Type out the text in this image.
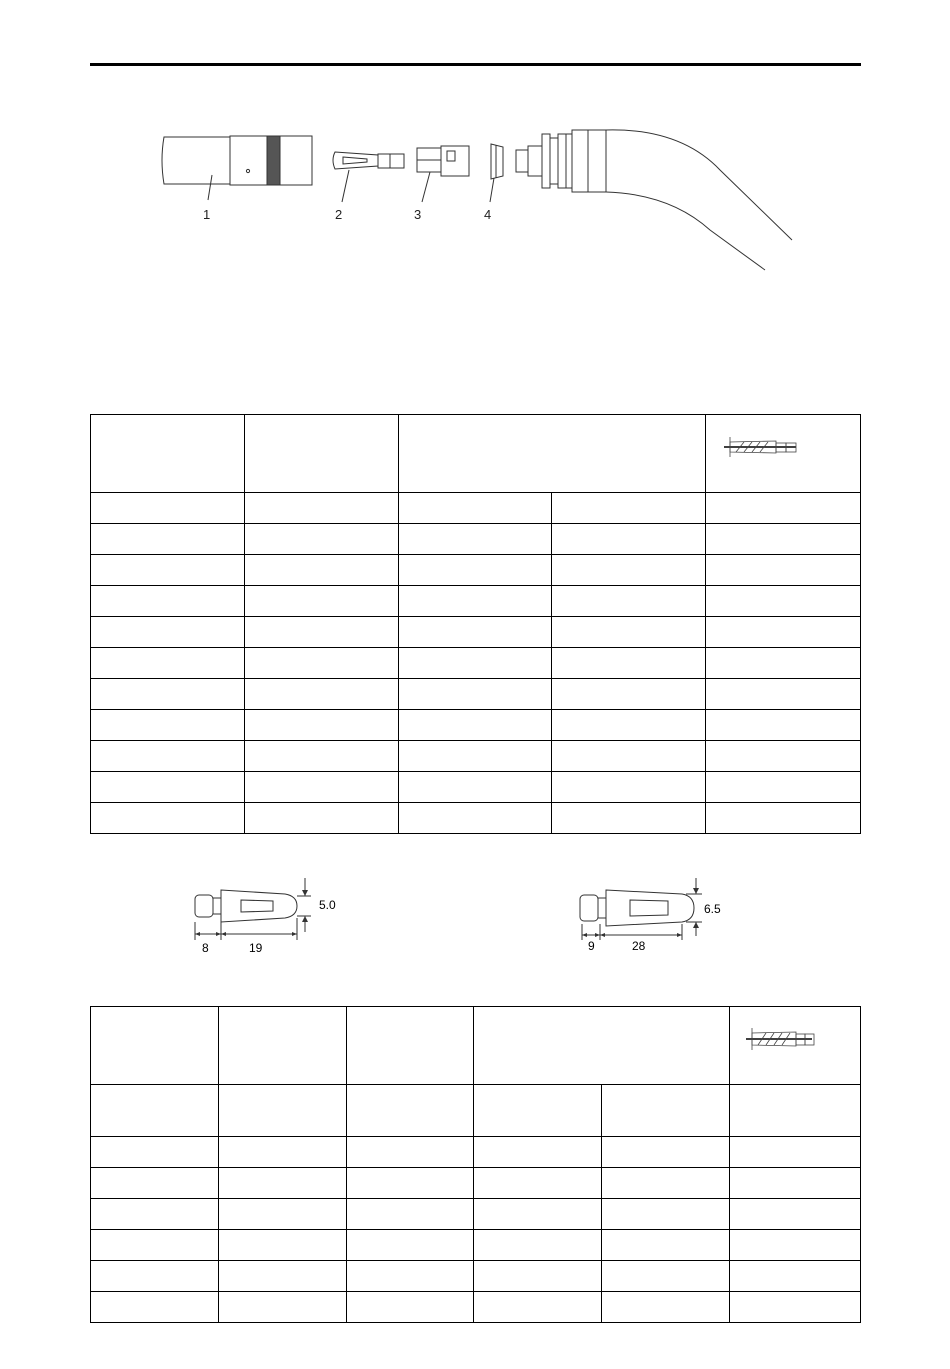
ESAB
1	2	3	4

5.0
8	19
6.5
9	28
